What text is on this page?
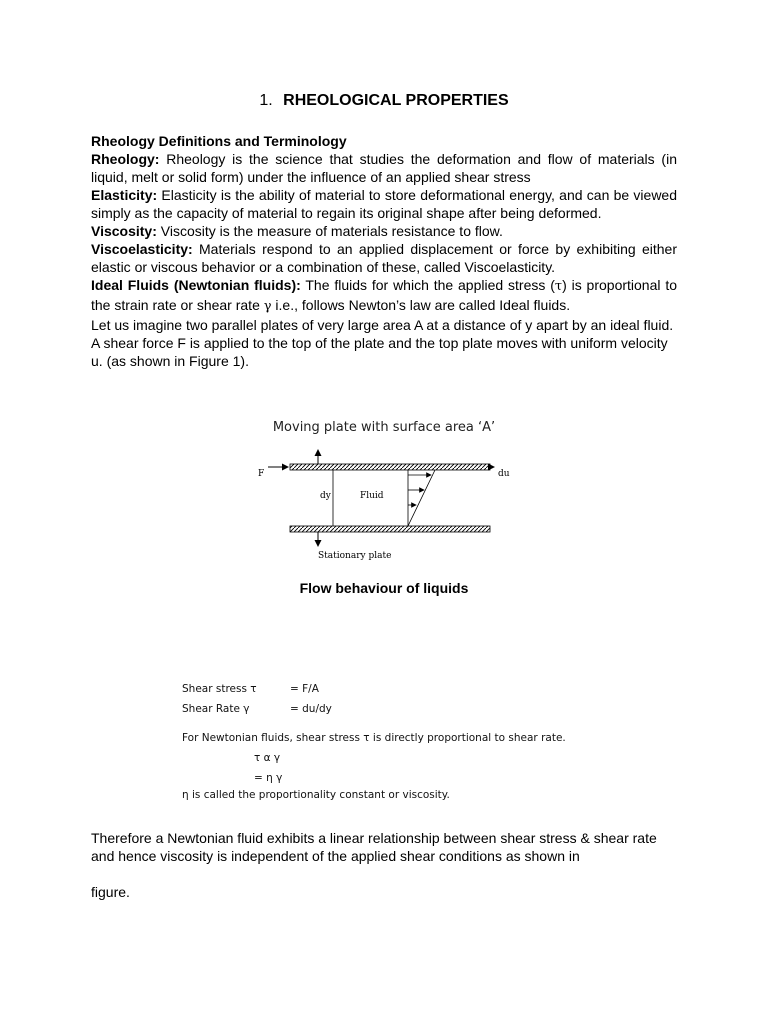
1. RHEOLOGICAL PROPERTIES

Rheology Definitions and Terminology

Rheology: Rheology is the science that studies the deformation and flow of materials (in liquid, melt or solid form) under the influence of an applied shear stress

Elasticity: Elasticity is the ability of material to store deformational energy, and can be viewed simply as the capacity of material to regain its original shape after being deformed.

Viscosity: Viscosity is the measure of materials resistance to flow.

Viscoelasticity: Materials respond to an applied displacement or force by exhibiting either elastic or viscous behavior or a combination of these, called Viscoelasticity.

Ideal Fluids (Newtonian fluids): The fluids for which the applied stress (τ) is proportional to the strain rate or shear rate γ i.e., follows Newton’s law are called Ideal fluids.

Let us imagine two parallel plates of very large area A at a distance of y apart by an ideal fluid. A shear force F is applied to the top of the plate and the top plate moves with uniform velocity u. (as shown in Figure 1).

Moving plate with surface area ‘A’
F	du
dy	Fluid
Stationary plate
Flow behaviour of liquids
Shear stress τ	= F/A
Shear Rate γ	= du/dy
For Newtonian fluids, shear stress τ is directly proportional to shear rate.
τ α γ
= η γ
η is called the proportionality constant or viscosity.

Therefore a Newtonian fluid exhibits a linear relationship between shear stress & shear rate and hence viscosity is independent of the applied shear conditions as shown in

figure.
